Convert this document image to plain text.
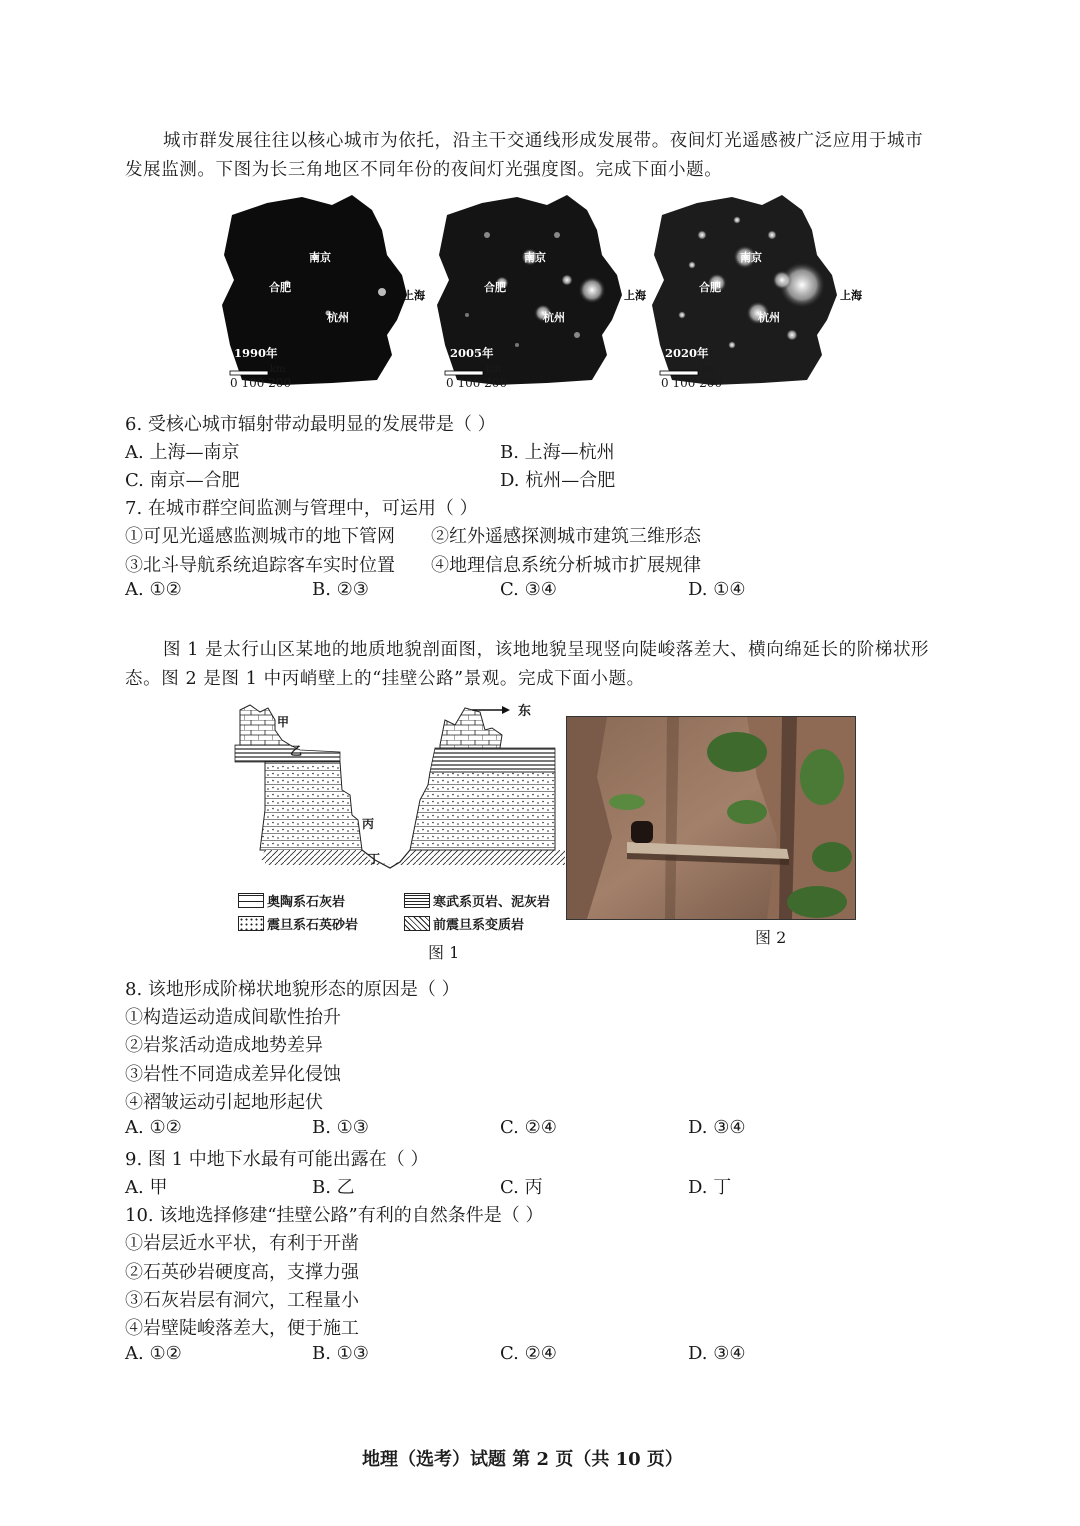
城市群发展往往以核心城市为依托，沿主干交通线形成发展带。夜间灯光遥感被广泛应用于城市
发展监测。下图为长三角地区不同年份的夜间灯光强度图。完成下面小题。
南京
合肥
上海
杭州
1990年
0 100 200
km
南京
合肥
上海
杭州
2005年
0 100 200
km
南京
合肥
上海
杭州
2020年
0 100 200
km
6. 受核心城市辐射带动最明显的发展带是（ ）
A. 上海—南京	B. 上海—杭州
C. 南京—合肥	D. 杭州—合肥
7. 在城市群空间监测与管理中，可运用（ ）
①可见光遥感监测城市的地下管网 ②红外遥感探测城市建筑三维形态
③北斗导航系统追踪客车实时位置 ④地理信息系统分析城市扩展规律
A. ①②	B. ②③	C. ③④	D. ①④
图 1 是太行山区某地的地质地貌剖面图，该地地貌呈现竖向陡峻落差大、横向绵延长的阶梯状形
态。图 2 是图 1 中丙峭壁上的“挂壁公路”景观。完成下面小题。
东
甲
乙
丙
丁
奥陶系石灰岩	寒武系页岩、泥灰岩
震旦系石英砂岩	前震旦系变质岩
图 1
图 2
8. 该地形成阶梯状地貌形态的原因是（ ）
①构造运动造成间歇性抬升
②岩浆活动造成地势差异
③岩性不同造成差异化侵蚀
④褶皱运动引起地形起伏
A. ①②	B. ①③	C. ②④	D. ③④
9. 图 1 中地下水最有可能出露在（ ）
A. 甲	B. 乙	C. 丙	D. 丁
10. 该地选择修建“挂壁公路”有利的自然条件是（ ）
①岩层近水平状，有利于开凿
②石英砂岩硬度高，支撑力强
③石灰岩层有洞穴，工程量小
④岩壁陡峻落差大，便于施工
A. ①②	B. ①③	C. ②④	D. ③④
地理（选考）试题 第 2 页（共 10 页）
